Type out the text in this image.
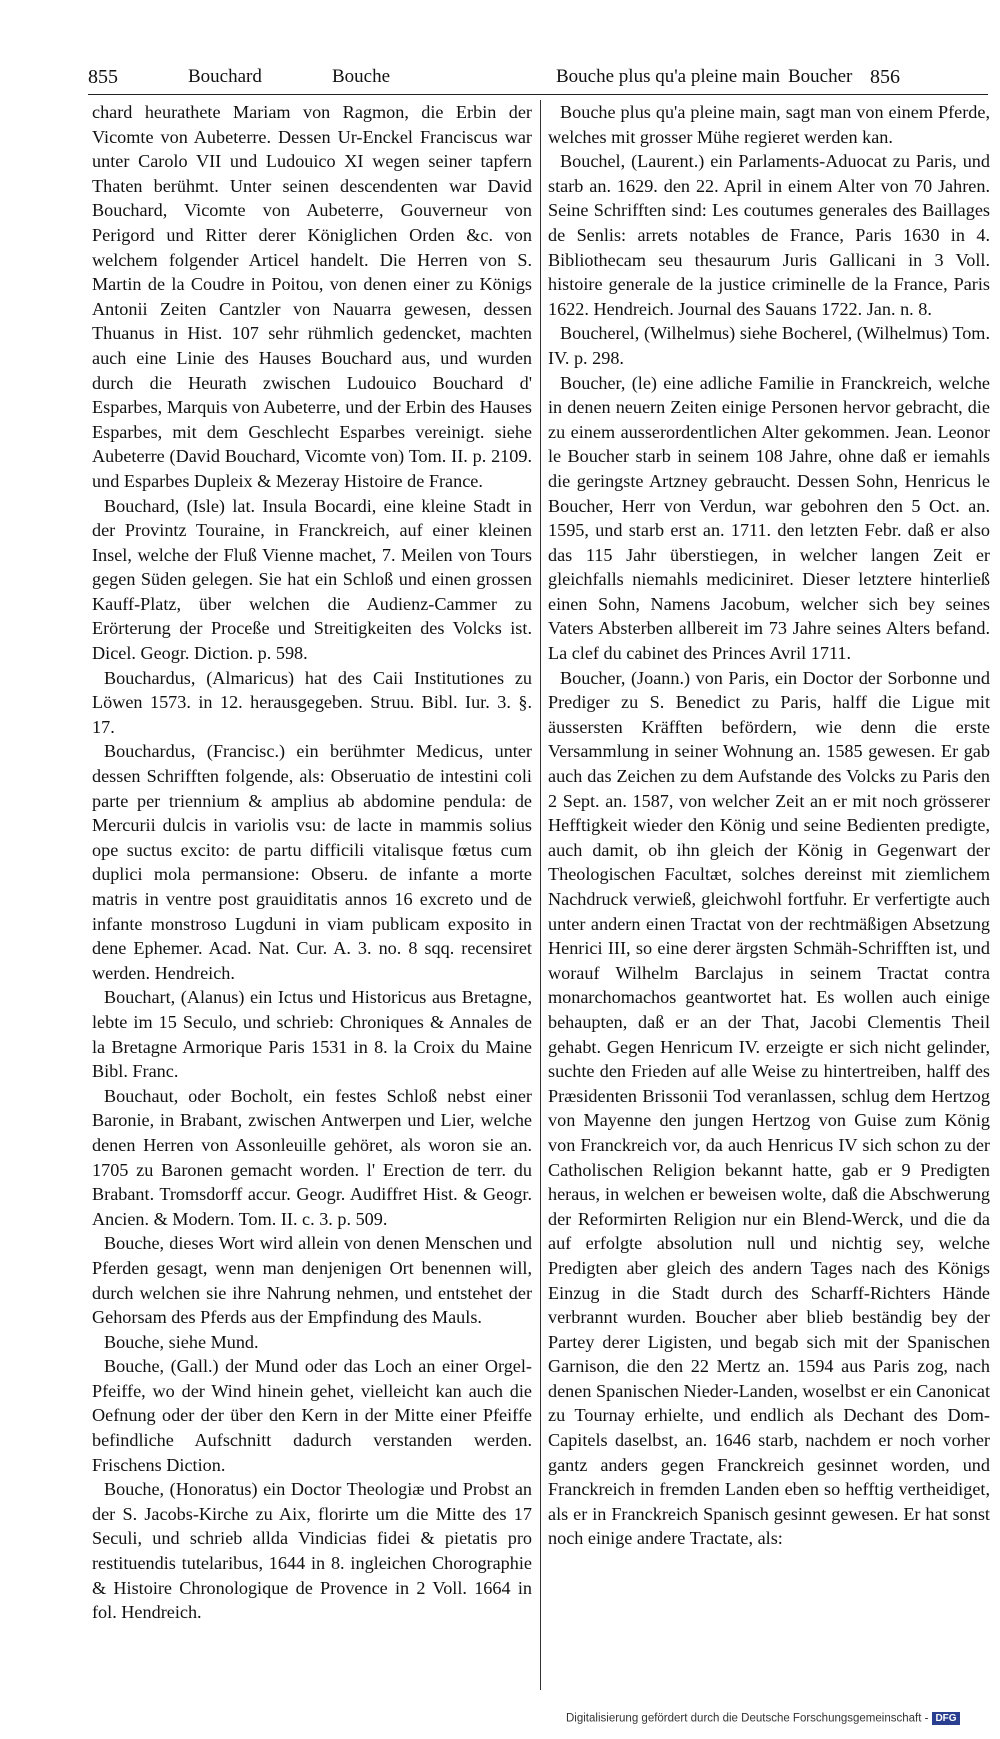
855	Bouchard	Bouche	Bouche plus qu'a pleine main Boucher 856

chard heurathete Mariam von Ragmon, die Erbin der Vicomte von Aubeterre. Dessen Ur-Enckel Franciscus war unter Carolo VII und Ludouico XI wegen seiner tapfern Thaten berühmt. Unter seinen descendenten war David Bouchard, Vicomte von Aubeterre, Gouverneur von Perigord und Ritter derer Königlichen Orden &c. von welchem folgender Articel handelt. Die Herren von S. Martin de la Coudre in Poitou, von denen einer zu Königs Antonii Zeiten Cantzler von Nauarra gewesen, dessen Thuanus in Hist. 107 sehr rühmlich gedencket, machten auch eine Linie des Hauses Bouchard aus, und wurden durch die Heurath zwischen Ludouico Bouchard d' Esparbes, Marquis von Aubeterre, und der Erbin des Hauses Esparbes, mit dem Geschlecht Esparbes vereinigt. siehe Aubeterre (David Bouchard, Vicomte von) Tom. II. p. 2109. und Esparbes Dupleix & Mezeray Histoire de France.

Bouchard, (Isle) lat. Insula Bocardi, eine kleine Stadt in der Provintz Touraine, in Franckreich, auf einer kleinen Insel, welche der Fluß Vienne machet, 7. Meilen von Tours gegen Süden gelegen. Sie hat ein Schloß und einen grossen Kauff-Platz, über welchen die Audienz-Cammer zu Erörterung der Proceße und Streitigkeiten des Volcks ist. Dicel. Geogr. Diction. p. 598.

Bouchardus, (Almaricus) hat des Caii Institutiones zu Löwen 1573. in 12. herausgegeben. Struu. Bibl. Iur. 3. §. 17.

Bouchardus, (Francisc.) ein berühmter Medicus, unter dessen Schrifften folgende, als: Obseruatio de intestini coli parte per triennium & amplius ab abdomine pendula: de Mercurii dulcis in variolis vsu: de lacte in mammis solius ope suctus excito: de partu difficili vitalisque fœtus cum duplici mola permansione: Obseru. de infante a morte matris in ventre post grauiditatis annos 16 excreto und de infante monstroso Lugduni in viam publicam exposito in dene Ephemer. Acad. Nat. Cur. A. 3. no. 8 sqq. recensiret werden. Hendreich.

Bouchart, (Alanus) ein Ictus und Historicus aus Bretagne, lebte im 15 Seculo, und schrieb: Chroniques & Annales de la Bretagne Armorique Paris 1531 in 8. la Croix du Maine Bibl. Franc.

Bouchaut, oder Bocholt, ein festes Schloß nebst einer Baronie, in Brabant, zwischen Antwerpen und Lier, welche denen Herren von Assonleuille gehöret, als woron sie an. 1705 zu Baronen gemacht worden. l' Erection de terr. du Brabant. Tromsdorff accur. Geogr. Audiffret Hist. & Geogr. Ancien. & Modern. Tom. II. c. 3. p. 509.

Bouche, dieses Wort wird allein von denen Menschen und Pferden gesagt, wenn man denjenigen Ort benennen will, durch welchen sie ihre Nahrung nehmen, und entstehet der Gehorsam des Pferds aus der Empfindung des Mauls.

Bouche, siehe Mund.

Bouche, (Gall.) der Mund oder das Loch an einer Orgel-Pfeiffe, wo der Wind hinein gehet, vielleicht kan auch die Oefnung oder der über den Kern in der Mitte einer Pfeiffe befindliche Aufschnitt dadurch verstanden werden. Frischens Diction.

Bouche, (Honoratus) ein Doctor Theologiæ und Probst an der S. Jacobs-Kirche zu Aix, florirte um die Mitte des 17 Seculi, und schrieb allda Vindicias fidei & pietatis pro restituendis tutelaribus, 1644 in 8. ingleichen Chorographie & Histoire Chronologique de Provence in 2 Voll. 1664 in fol. Hendreich.

Bouche plus qu'a pleine main, sagt man von einem Pferde, welches mit grosser Mühe regieret werden kan.

Bouchel, (Laurent.) ein Parlaments-Aduocat zu Paris, und starb an. 1629. den 22. April in einem Alter von 70 Jahren. Seine Schrifften sind: Les coutumes generales des Baillages de Senlis: arrets notables de France, Paris 1630 in 4. Bibliothecam seu thesaurum Juris Gallicani in 3 Voll. histoire generale de la justice criminelle de la France, Paris 1622. Hendreich. Journal des Sauans 1722. Jan. n. 8.

Boucherel, (Wilhelmus) siehe Bocherel, (Wilhelmus) Tom. IV. p. 298.

Boucher, (le) eine adliche Familie in Franckreich, welche in denen neuern Zeiten einige Personen hervor gebracht, die zu einem ausserordentlichen Alter gekommen. Jean. Leonor le Boucher starb in seinem 108 Jahre, ohne daß er iemahls die geringste Artzney gebraucht. Dessen Sohn, Henricus le Boucher, Herr von Verdun, war gebohren den 5 Oct. an. 1595, und starb erst an. 1711. den letzten Febr. daß er also das 115 Jahr überstiegen, in welcher langen Zeit er gleichfalls niemahls mediciniret. Dieser letztere hinterließ einen Sohn, Namens Jacobum, welcher sich bey seines Vaters Absterben allbereit im 73 Jahre seines Alters befand. La clef du cabinet des Princes Avril 1711.

Boucher, (Joann.) von Paris, ein Doctor der Sorbonne und Prediger zu S. Benedict zu Paris, halff die Ligue mit äussersten Kräfften befördern, wie denn die erste Versammlung in seiner Wohnung an. 1585 gewesen. Er gab auch das Zeichen zu dem Aufstande des Volcks zu Paris den 2 Sept. an. 1587, von welcher Zeit an er mit noch grösserer Hefftigkeit wieder den König und seine Bedienten predigte, auch damit, ob ihn gleich der König in Gegenwart der Theologischen Facultæt, solches dereinst mit ziemlichem Nachdruck verwieß, gleichwohl fortfuhr. Er verfertigte auch unter andern einen Tractat von der rechtmäßigen Absetzung Henrici III, so eine derer ärgsten Schmäh-Schrifften ist, und worauf Wilhelm Barclajus in seinem Tractat contra monarchomachos geantwortet hat. Es wollen auch einige behaupten, daß er an der That, Jacobi Clementis Theil gehabt. Gegen Henricum IV. erzeigte er sich nicht gelinder, suchte den Frieden auf alle Weise zu hintertreiben, halff des Præsidenten Brissonii Tod veranlassen, schlug dem Hertzog von Mayenne den jungen Hertzog von Guise zum König von Franckreich vor, da auch Henricus IV sich schon zu der Catholischen Religion bekannt hatte, gab er 9 Predigten heraus, in welchen er beweisen wolte, daß die Abschwerung der Reformirten Religion nur ein Blend-Werck, und die da auf erfolgte absolution null und nichtig sey, welche Predigten aber gleich des andern Tages nach des Königs Einzug in die Stadt durch des Scharff-Richters Hände verbrannt wurden. Boucher aber blieb beständig bey der Partey derer Ligisten, und begab sich mit der Spanischen Garnison, die den 22 Mertz an. 1594 aus Paris zog, nach denen Spanischen Nieder-Landen, woselbst er ein Canonicat zu Tournay erhielte, und endlich als Dechant des Dom-Capitels daselbst, an. 1646 starb, nachdem er noch vorher gantz anders gegen Franckreich gesinnet worden, und Franckreich in fremden Landen eben so hefftig vertheidiget, als er in Franckreich Spanisch gesinnt gewesen. Er hat sonst noch einige andere Tractate, als:

Digitalisierung gefördert durch die Deutsche Forschungsgemeinschaft - DFG
